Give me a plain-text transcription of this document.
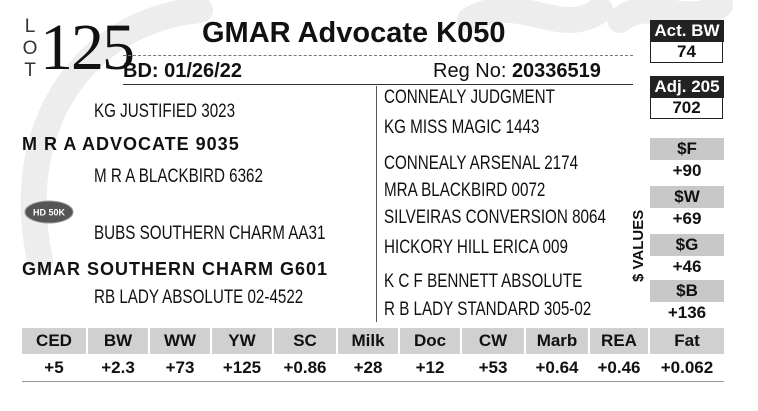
L
O
T 125 GMAR Advocate K050
BD: 01/26/22	Reg No: 20336519
Act. BW
74
Adj. 205
702
KG JUSTIFIED 3023
M R A ADVOCATE 9035
M R A BLACKBIRD 6362
HD 50K
BUBS SOUTHERN CHARM AA31
GMAR SOUTHERN CHARM G601
RB LADY ABSOLUTE 02-4522
CONNEALY JUDGMENT
KG MISS MAGIC 1443
CONNEALY ARSENAL 2174
MRA BLACKBIRD 0072
SILVEIRAS CONVERSION 8064
HICKORY HILL ERICA 009
K C F BENNETT ABSOLUTE
R B LADY STANDARD 305-02
$ VALUES
$F
+90
$W
+69
$G
+46
$B
+136
CED	BW	WW	YW	SC	Milk	Doc	CW	Marb	REA	Fat
+5	+2.3	+73	+125	+0.86	+28	+12	+53	+0.64	+0.46	+0.062
